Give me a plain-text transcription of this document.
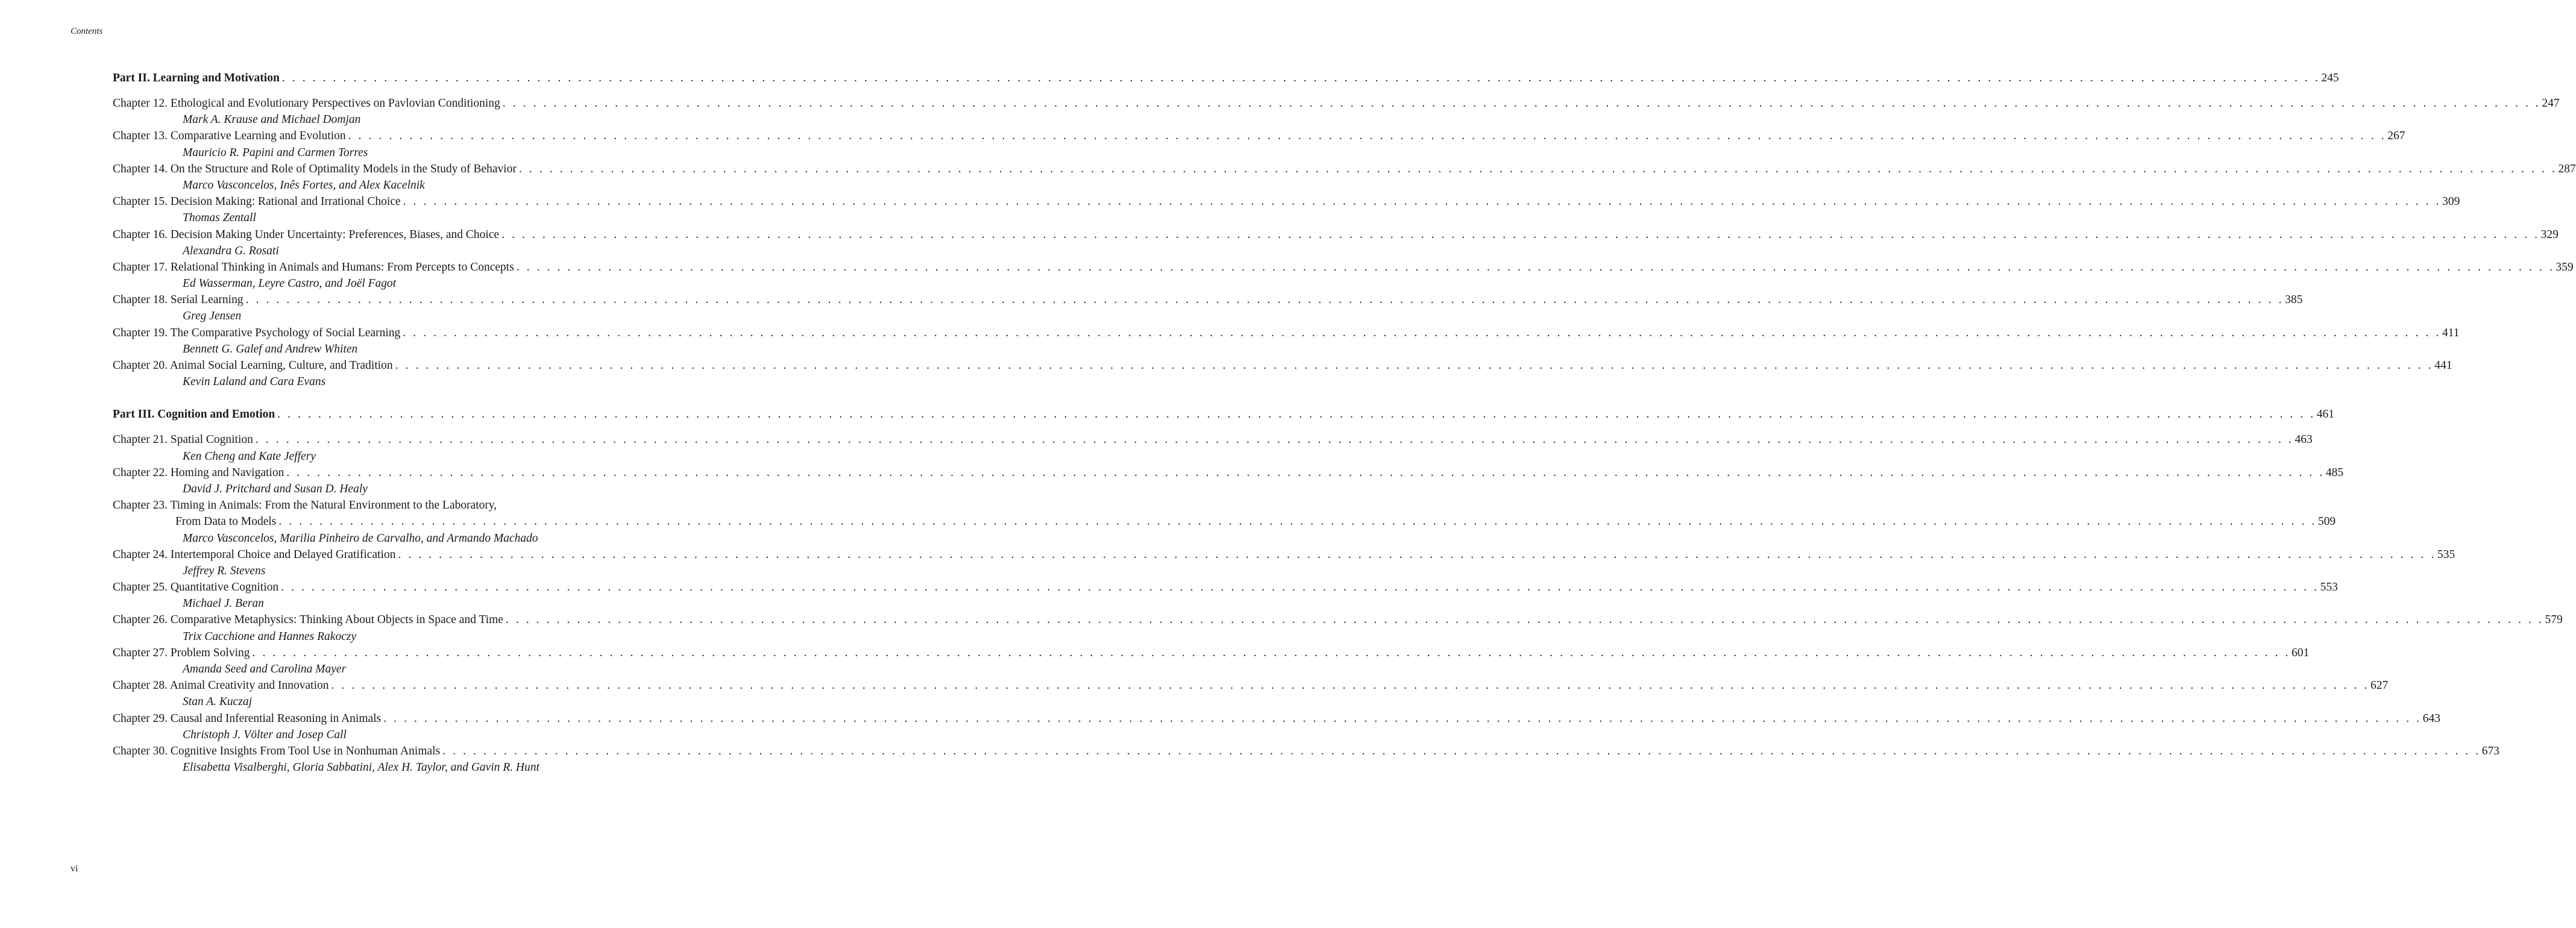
Contents
Part II. Learning and Motivation . . . . . . . . . . . . . . . . . . . . . . . . . . . . . . . . . . . . . . . . . . . . . . . . . . . . . . . . . . . . . . . . . . . . . . . . . . . . . . . . . . . . . . . . . . . . . . . . . . . . . . . . . . . . . . . . . . . . . . . . . . . . . . . . . . . . . . . . . . . . . . . . . . . . . . . . . . . . . . . . . . . . . . . . . . . . . . . . . . . . . . . . . . . . . . . . . . . . . . . . 245
Chapter 12. Ethological and Evolutionary Perspectives on Pavlovian Conditioning . . . . . . . . . . . . . . . . . . . . . . . . . . . . . . . . . . . . . . . . . . . . . . . . . . . . . . . . . . . . . . . . . . . . . . . . . . . . . . . . . . . . . . . . . . . . . . . . . . . . . . . . . . . . . . . . . . . . . . . . . . . . . . . . . . . . . . . . . . . . . . . . . . . . . . . . . . . . . . . . . . . . . . . . . . . . . . . . . . . . . . . . . . . . . . . . . . . . . . . . 247
Mark A. Krause and Michael Domjan
Chapter 13. Comparative Learning and Evolution . . . . . . . . . . . . . . . . . . . . . . . . . . . . . . . . . . . . . . . . . . . . . . . . . . . . . . . . . . . . . . . . . . . . . . . . . . . . . . . . . . . . . . . . . . . . . . . . . . . . . . . . . . . . . . . . . . . . . . . . . . . . . . . . . . . . . . . . . . . . . . . . . . . . . . . . . . . . . . . . . . . . . . . . . . . . . . . . . . . . . . . . . . . . . . . . . . . . . . . . 267
Mauricio R. Papini and Carmen Torres
Chapter 14. On the Structure and Role of Optimality Models in the Study of Behavior . . . . . . . . . . . . . . . . . . . . . . . . . . . . . . . . . . . . . . . . . . . . . . . . . . . . . . . . . . . . . . . . . . . . . . . . . . . . . . . . . . . . . . . . . . . . . . . . . . . . . . . . . . . . . . . . . . . . . . . . . . . . . . . . . . . . . . . . . . . . . . . . . . . . . . . . . . . . . . . . . . . . . . . . . . . . . . . . . . . . . . . . . . . . . . . . . . . . . . . . 287
Marco Vasconcelos, Inês Fortes, and Alex Kacelnik
Chapter 15. Decision Making: Rational and Irrational Choice . . . . . . . . . . . . . . . . . . . . . . . . . . . . . . . . . . . . . . . . . . . . . . . . . . . . . . . . . . . . . . . . . . . . . . . . . . . . . . . . . . . . . . . . . . . . . . . . . . . . . . . . . . . . . . . . . . . . . . . . . . . . . . . . . . . . . . . . . . . . . . . . . . . . . . . . . . . . . . . . . . . . . . . . . . . . . . . . . . . . . . . . . . . . . . . . . . . . . . . . 309
Thomas Zentall
Chapter 16. Decision Making Under Uncertainty: Preferences, Biases, and Choice . . . . . . . . . . . . . . . . . . . . . . . . . . . . . . . . . . . . . . . . . . . . . . . . . . . . . . . . . . . . . . . . . . . . . . . . . . . . . . . . . . . . . . . . . . . . . . . . . . . . . . . . . . . . . . . . . . . . . . . . . . . . . . . . . . . . . . . . . . . . . . . . . . . . . . . . . . . . . . . . . . . . . . . . . . . . . . . . . . . . . . . . . . . . . . . . . . . . . . . . 329
Alexandra G. Rosati
Chapter 17. Relational Thinking in Animals and Humans: From Percepts to Concepts . . . . . . . . . . . . . . . . . . . . . . . . . . . . . . . . . . . . . . . . . . . . . . . . . . . . . . . . . . . . . . . . . . . . . . . . . . . . . . . . . . . . . . . . . . . . . . . . . . . . . . . . . . . . . . . . . . . . . . . . . . . . . . . . . . . . . . . . . . . . . . . . . . . . . . . . . . . . . . . . . . . . . . . . . . . . . . . . . . . . . . . . . . . . . . . . . . . . . . . . 359
Ed Wasserman, Leyre Castro, and Joël Fagot
Chapter 18. Serial Learning . . . . . . . . . . . . . . . . . . . . . . . . . . . . . . . . . . . . . . . . . . . . . . . . . . . . . . . . . . . . . . . . . . . . . . . . . . . . . . . . . . . . . . . . . . . . . . . . . . . . . . . . . . . . . . . . . . . . . . . . . . . . . . . . . . . . . . . . . . . . . . . . . . . . . . . . . . . . . . . . . . . . . . . . . . . . . . . . . . . . . . . . . . . . . . . . . . . . . . . . 385
Greg Jensen
Chapter 19. The Comparative Psychology of Social Learning . . . . . . . . . . . . . . . . . . . . . . . . . . . . . . . . . . . . . . . . . . . . . . . . . . . . . . . . . . . . . . . . . . . . . . . . . . . . . . . . . . . . . . . . . . . . . . . . . . . . . . . . . . . . . . . . . . . . . . . . . . . . . . . . . . . . . . . . . . . . . . . . . . . . . . . . . . . . . . . . . . . . . . . . . . . . . . . . . . . . . . . . . . . . . . . . . . . . . . . . 411
Bennett G. Galef and Andrew Whiten
Chapter 20. Animal Social Learning, Culture, and Tradition . . . . . . . . . . . . . . . . . . . . . . . . . . . . . . . . . . . . . . . . . . . . . . . . . . . . . . . . . . . . . . . . . . . . . . . . . . . . . . . . . . . . . . . . . . . . . . . . . . . . . . . . . . . . . . . . . . . . . . . . . . . . . . . . . . . . . . . . . . . . . . . . . . . . . . . . . . . . . . . . . . . . . . . . . . . . . . . . . . . . . . . . . . . . . . . . . . . . . . . . 441
Kevin Laland and Cara Evans
Part III. Cognition and Emotion . . . . . . . . . . . . . . . . . . . . . . . . . . . . . . . . . . . . . . . . . . . . . . . . . . . . . . . . . . . . . . . . . . . . . . . . . . . . . . . . . . . . . . . . . . . . . . . . . . . . . . . . . . . . . . . . . . . . . . . . . . . . . . . . . . . . . . . . . . . . . . . . . . . . . . . . . . . . . . . . . . . . . . . . . . . . . . . . . . . . . . . . . . . . . . . . . . . . . . . . 461
Chapter 21. Spatial Cognition . . . . . . . . . . . . . . . . . . . . . . . . . . . . . . . . . . . . . . . . . . . . . . . . . . . . . . . . . . . . . . . . . . . . . . . . . . . . . . . . . . . . . . . . . . . . . . . . . . . . . . . . . . . . . . . . . . . . . . . . . . . . . . . . . . . . . . . . . . . . . . . . . . . . . . . . . . . . . . . . . . . . . . . . . . . . . . . . . . . . . . . . . . . . . . . . . . . . . . . . 463
Ken Cheng and Kate Jeffery
Chapter 22. Homing and Navigation . . . . . . . . . . . . . . . . . . . . . . . . . . . . . . . . . . . . . . . . . . . . . . . . . . . . . . . . . . . . . . . . . . . . . . . . . . . . . . . . . . . . . . . . . . . . . . . . . . . . . . . . . . . . . . . . . . . . . . . . . . . . . . . . . . . . . . . . . . . . . . . . . . . . . . . . . . . . . . . . . . . . . . . . . . . . . . . . . . . . . . . . . . . . . . . . . . . . . . . . 485
David J. Pritchard and Susan D. Healy
Chapter 23. Timing in Animals: From the Natural Environment to the Laboratory,
From Data to Models . . . . . . . . . . . . . . . . . . . . . . . . . . . . . . . . . . . . . . . . . . . . . . . . . . . . . . . . . . . . . . . . . . . . . . . . . . . . . . . . . . . . . . . . . . . . . . . . . . . . . . . . . . . . . . . . . . . . . . . . . . . . . . . . . . . . . . . . . . . . . . . . . . . . . . . . . . . . . . . . . . . . . . . . . . . . . . . . . . . . . . . . . . . . . . . . . . . . . . . . 509
Marco Vasconcelos, Marilia Pinheiro de Carvalho, and Armando Machado
Chapter 24. Intertemporal Choice and Delayed Gratification . . . . . . . . . . . . . . . . . . . . . . . . . . . . . . . . . . . . . . . . . . . . . . . . . . . . . . . . . . . . . . . . . . . . . . . . . . . . . . . . . . . . . . . . . . . . . . . . . . . . . . . . . . . . . . . . . . . . . . . . . . . . . . . . . . . . . . . . . . . . . . . . . . . . . . . . . . . . . . . . . . . . . . . . . . . . . . . . . . . . . . . . . . . . . . . . . . . . . . . . 535
Jeffrey R. Stevens
Chapter 25. Quantitative Cognition . . . . . . . . . . . . . . . . . . . . . . . . . . . . . . . . . . . . . . . . . . . . . . . . . . . . . . . . . . . . . . . . . . . . . . . . . . . . . . . . . . . . . . . . . . . . . . . . . . . . . . . . . . . . . . . . . . . . . . . . . . . . . . . . . . . . . . . . . . . . . . . . . . . . . . . . . . . . . . . . . . . . . . . . . . . . . . . . . . . . . . . . . . . . . . . . . . . . . . . . 553
Michael J. Beran
Chapter 26. Comparative Metaphysics: Thinking About Objects in Space and Time . . . . . . . . . . . . . . . . . . . . . . . . . . . . . . . . . . . . . . . . . . . . . . . . . . . . . . . . . . . . . . . . . . . . . . . . . . . . . . . . . . . . . . . . . . . . . . . . . . . . . . . . . . . . . . . . . . . . . . . . . . . . . . . . . . . . . . . . . . . . . . . . . . . . . . . . . . . . . . . . . . . . . . . . . . . . . . . . . . . . . . . . . . . . . . . . . . . . . . . . 579
Trix Cacchione and Hannes Rakoczy
Chapter 27. Problem Solving . . . . . . . . . . . . . . . . . . . . . . . . . . . . . . . . . . . . . . . . . . . . . . . . . . . . . . . . . . . . . . . . . . . . . . . . . . . . . . . . . . . . . . . . . . . . . . . . . . . . . . . . . . . . . . . . . . . . . . . . . . . . . . . . . . . . . . . . . . . . . . . . . . . . . . . . . . . . . . . . . . . . . . . . . . . . . . . . . . . . . . . . . . . . . . . . . . . . . . . . 601
Amanda Seed and Carolina Mayer
Chapter 28. Animal Creativity and Innovation . . . . . . . . . . . . . . . . . . . . . . . . . . . . . . . . . . . . . . . . . . . . . . . . . . . . . . . . . . . . . . . . . . . . . . . . . . . . . . . . . . . . . . . . . . . . . . . . . . . . . . . . . . . . . . . . . . . . . . . . . . . . . . . . . . . . . . . . . . . . . . . . . . . . . . . . . . . . . . . . . . . . . . . . . . . . . . . . . . . . . . . . . . . . . . . . . . . . . . . . 627
Stan A. Kuczaj
Chapter 29. Causal and Inferential Reasoning in Animals . . . . . . . . . . . . . . . . . . . . . . . . . . . . . . . . . . . . . . . . . . . . . . . . . . . . . . . . . . . . . . . . . . . . . . . . . . . . . . . . . . . . . . . . . . . . . . . . . . . . . . . . . . . . . . . . . . . . . . . . . . . . . . . . . . . . . . . . . . . . . . . . . . . . . . . . . . . . . . . . . . . . . . . . . . . . . . . . . . . . . . . . . . . . . . . . . . . . . . . . 643
Christoph J. Völter and Josep Call
Chapter 30. Cognitive Insights From Tool Use in Nonhuman Animals . . . . . . . . . . . . . . . . . . . . . . . . . . . . . . . . . . . . . . . . . . . . . . . . . . . . . . . . . . . . . . . . . . . . . . . . . . . . . . . . . . . . . . . . . . . . . . . . . . . . . . . . . . . . . . . . . . . . . . . . . . . . . . . . . . . . . . . . . . . . . . . . . . . . . . . . . . . . . . . . . . . . . . . . . . . . . . . . . . . . . . . . . . . . . . . . . . . . . . . . 673
Elisabetta Visalberghi, Gloria Sabbatini, Alex H. Taylor, and Gavin R. Hunt
vi
